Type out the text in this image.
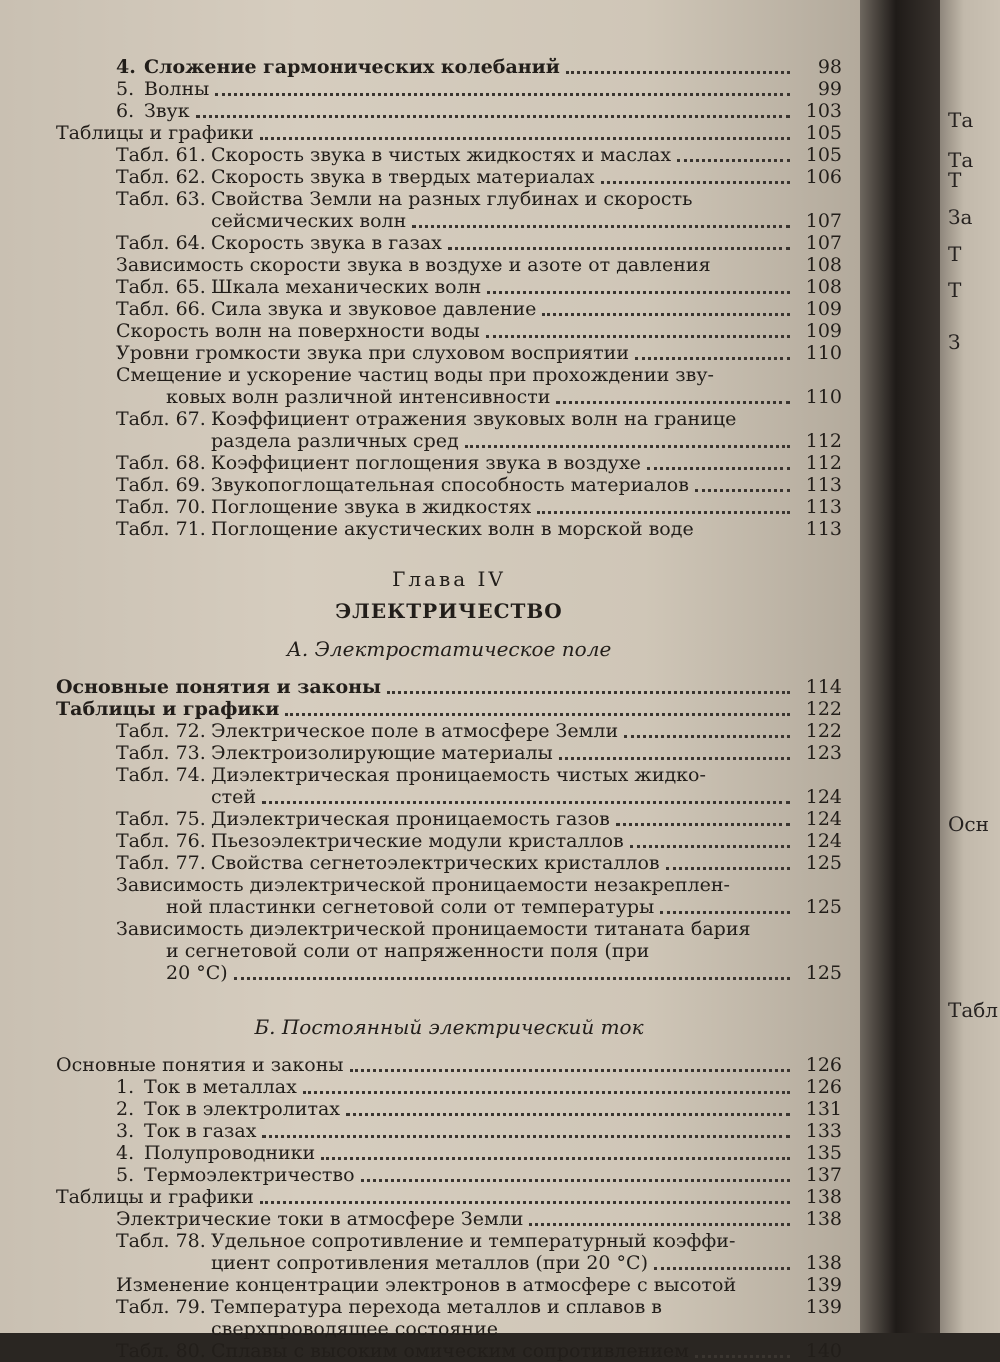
4. Сложение гармонических колебаний	98
5. Волны	99
6. Звук	103
Таблицы и графики	105
Табл. 61. Скорость звука в чистых жидкостях и маслах	105
Табл. 62. Скорость звука в твердых материалах	106
Табл. 63. Свойства Земли на разных глубинах и скорость
сейсмических волн	107
Табл. 64. Скорость звука в газах	107
Зависимость скорости звука в воздухе и азоте от давления	108
Табл. 65. Шкала механических волн	108
Табл. 66. Сила звука и звуковое давление	109
Скорость волн на поверхности воды	109
Уровни громкости звука при слуховом восприятии	110
Смещение и ускорение частиц воды при прохождении зву-
ковых волн различной интенсивности	110
Табл. 67. Коэффициент отражения звуковых волн на границе
раздела различных сред	112
Табл. 68. Коэффициент поглощения звука в воздухе	112
Табл. 69. Звукопоглощательная способность материалов	113
Табл. 70. Поглощение звука в жидкостях	113
Табл. 71. Поглощение акустических волн в морской воде	113
Глава IV
ЭЛЕКТРИЧЕСТВО
А. Электростатическое поле
Основные понятия и законы	114
Таблицы и графики	122
Табл. 72. Электрическое поле в атмосфере Земли	122
Табл. 73. Электроизолирующие материалы	123
Табл. 74. Диэлектрическая проницаемость чистых жидко-
стей	124
Табл. 75. Диэлектрическая проницаемость газов	124
Табл. 76. Пьезоэлектрические модули кристаллов	124
Табл. 77. Свойства сегнетоэлектрических кристаллов	125
Зависимость диэлектрической проницаемости незакреплен-
ной пластинки сегнетовой соли от температуры	125
Зависимость диэлектрической проницаемости титаната бария
и сегнетовой соли от напряженности поля (при
20 °С)	125
Б. Постоянный электрический ток
Основные понятия и законы	126
1. Ток в металлах	126
2. Ток в электролитах	131
3. Ток в газах	133
4. Полупроводники	135
5. Термоэлектричество	137
Таблицы и графики	138
Электрические токи в атмосфере Земли	138
Табл. 78. Удельное сопротивление и температурный коэффи-
циент сопротивления металлов (при 20 °С)	138
Изменение концентрации электронов в атмосфере с высотой	139
Табл. 79. Температура перехода металлов и сплавов в	139
сверхпроводящее состояние
Табл. 80. Сплавы с высоким омическим сопротивлением	140
Та
Та
Т
За
Т
Т
З
Осн
Табл
